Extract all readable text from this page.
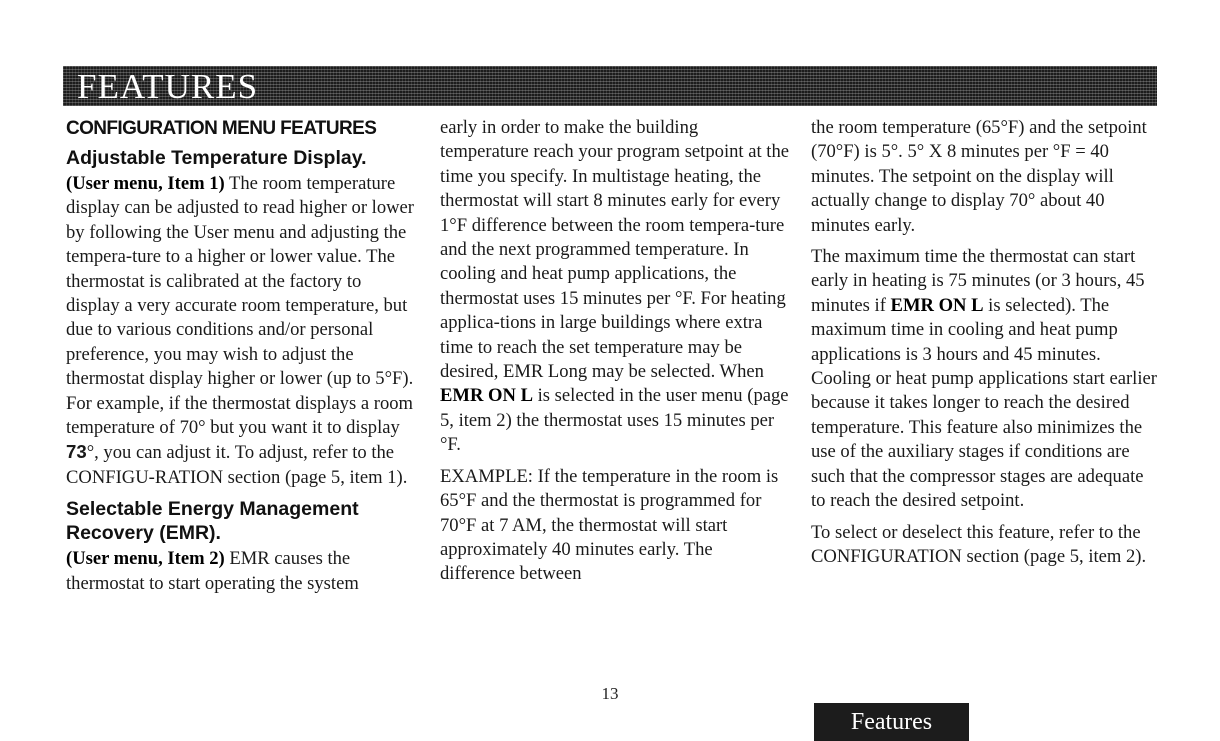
FEATURES
CONFIGURATION MENU FEATURES
Adjustable Temperature Display.

(User menu, Item 1) The room temperature display can be adjusted to read higher or lower by following the User menu and adjusting the tempera-ture to a higher or lower value. The thermostat is calibrated at the factory to display a very accurate room temperature, but due to various conditions and/or personal preference, you may wish to adjust the thermostat display higher or lower (up to 5°F). For example, if the thermostat displays a room temperature of 70° but you want it to display 73°, you can adjust it. To adjust, refer to the CONFIGU-RATION section (page 5, item 1).

Selectable Energy Management Recovery (EMR).

(User menu, Item 2) EMR causes the thermostat to start operating the system

early in order to make the building temperature reach your program setpoint at the time you specify. In multistage heating, the thermostat will start 8 minutes early for every 1°F difference between the room tempera-ture and the next programmed temperature. In cooling and heat pump applications, the thermostat uses 15 minutes per °F. For heating applica-tions in large buildings where extra time to reach the set temperature may be desired, EMR Long may be selected. When EMR ON L is selected in the user menu (page 5, item 2) the thermostat uses 15 minutes per °F.

EXAMPLE: If the temperature in the room is 65°F and the thermostat is programmed for 70°F at 7 AM, the thermostat will start approximately 40 minutes early. The difference between

the room temperature (65°F) and the setpoint (70°F) is 5°. 5° X 8 minutes per °F = 40 minutes. The setpoint on the display will actually change to display 70° about 40 minutes early.

The maximum time the thermostat can start early in heating is 75 minutes (or 3 hours, 45 minutes if EMR ON L is selected). The maximum time in cooling and heat pump applications is 3 hours and 45 minutes. Cooling or heat pump applications start earlier because it takes longer to reach the desired temperature. This feature also minimizes the use of the auxiliary stages if conditions are such that the compressor stages are adequate to reach the desired setpoint.

To select or deselect this feature, refer to the CONFIGURATION section (page 5, item 2).

13
Features
